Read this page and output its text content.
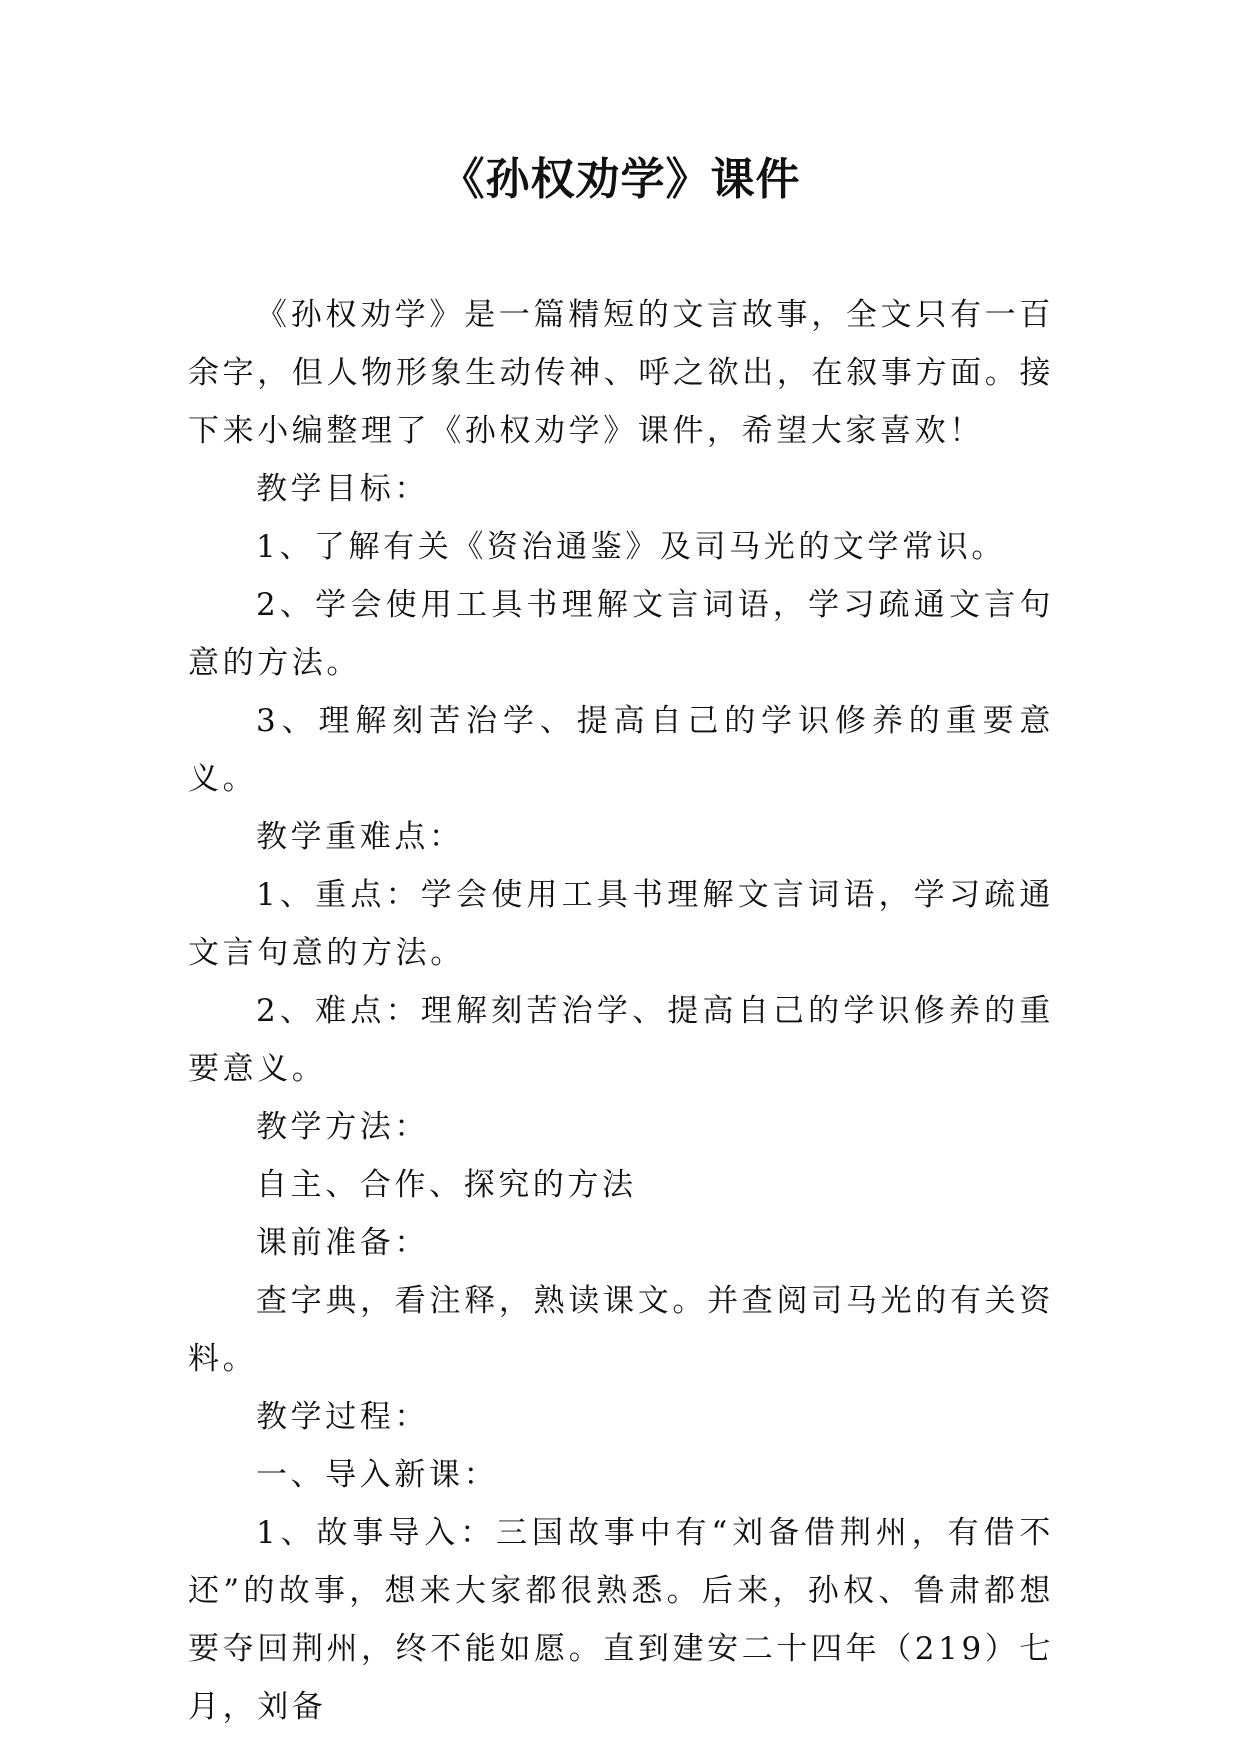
《孙权劝学》课件

《孙权劝学》是一篇精短的文言故事，全文只有一百余字，但人物形象生动传神、呼之欲出，在叙事方面。接下来小编整理了《孙权劝学》课件，希望大家喜欢！

教学目标：

1、了解有关《资治通鉴》及司马光的文学常识。

2、学会使用工具书理解文言词语，学习疏通文言句意的方法。

3、理解刻苦治学、提高自己的学识修养的重要意义。

教学重难点：

1、重点：学会使用工具书理解文言词语，学习疏通文言句意的方法。

2、难点：理解刻苦治学、提高自己的学识修养的重要意义。

教学方法：

自主、合作、探究的方法

课前准备：

查字典，看注释，熟读课文。并查阅司马光的有关资料。

教学过程：

一、导入新课：

1、故事导入：三国故事中有“刘备借荆州，有借不还”的故事，想来大家都很熟悉。后来，孙权、鲁肃都想要夺回荆州，终不能如愿。直到建安二十四年（219）七月，刘备
